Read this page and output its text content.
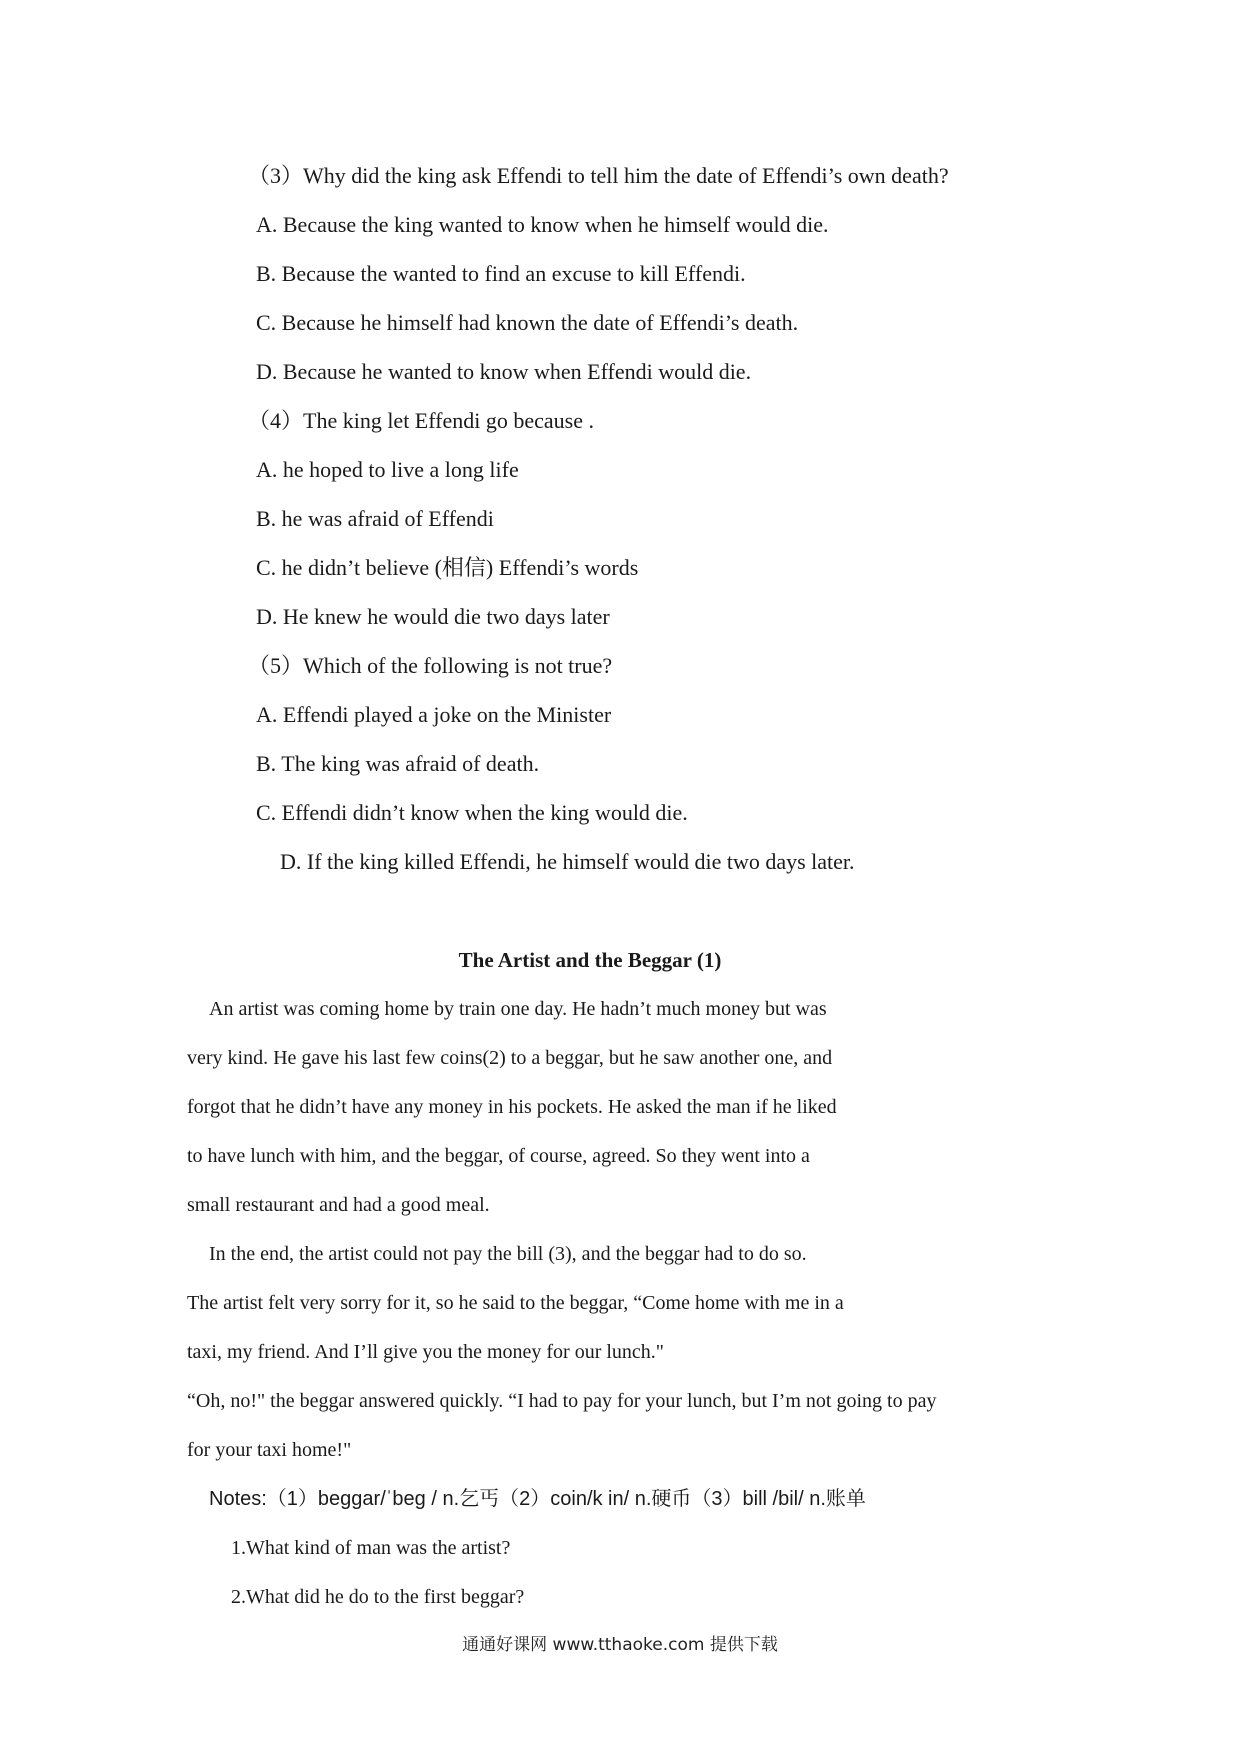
（3）Why did the king ask Effendi to tell him the date of Effendi’s own death?
A. Because the king wanted to know when he himself would die.
B. Because the wanted to find an excuse to kill Effendi.
C. Because he himself had known the date of Effendi’s death.
D. Because he wanted to know when Effendi would die.
（4）The king let Effendi go because .
A. he hoped to live a long life
B. he was afraid of Effendi
C. he didn’t believe (相信) Effendi’s words
D. He knew he would die two days later
（5）Which of the following is not true?
A. Effendi played a joke on the Minister
B. The king was afraid of death.
C. Effendi didn’t know when the king would die.
D. If the king killed Effendi, he himself would die two days later.
The Artist and the Beggar (1)
An artist was coming home by train one day. He hadn’t much money but was
very kind. He gave his last few coins(2) to a beggar, but he saw another one, and
forgot that he didn’t have any money in his pockets. He asked the man if he liked
to have lunch with him, and the beggar, of course, agreed. So they went into a
small restaurant and had a good meal.
In the end, the artist could not pay the bill (3), and the beggar had to do so.
The artist felt very sorry for it, so he said to the beggar, “Come home with me in a
taxi, my friend. And I’ll give you the money for our lunch."
“Oh, no!" the beggar answered quickly. “I had to pay for your lunch, but I’m not going to pay
for your taxi home!"
Notes:（1）beggar/ˈbeg / n.乞丐（2）coin/k in/ n.硬币（3）bill /bil/ n.账单
1.What kind of man was the artist?
2.What did he do to the first beggar?
通通好课网 www.tthaoke.com 提供下载
